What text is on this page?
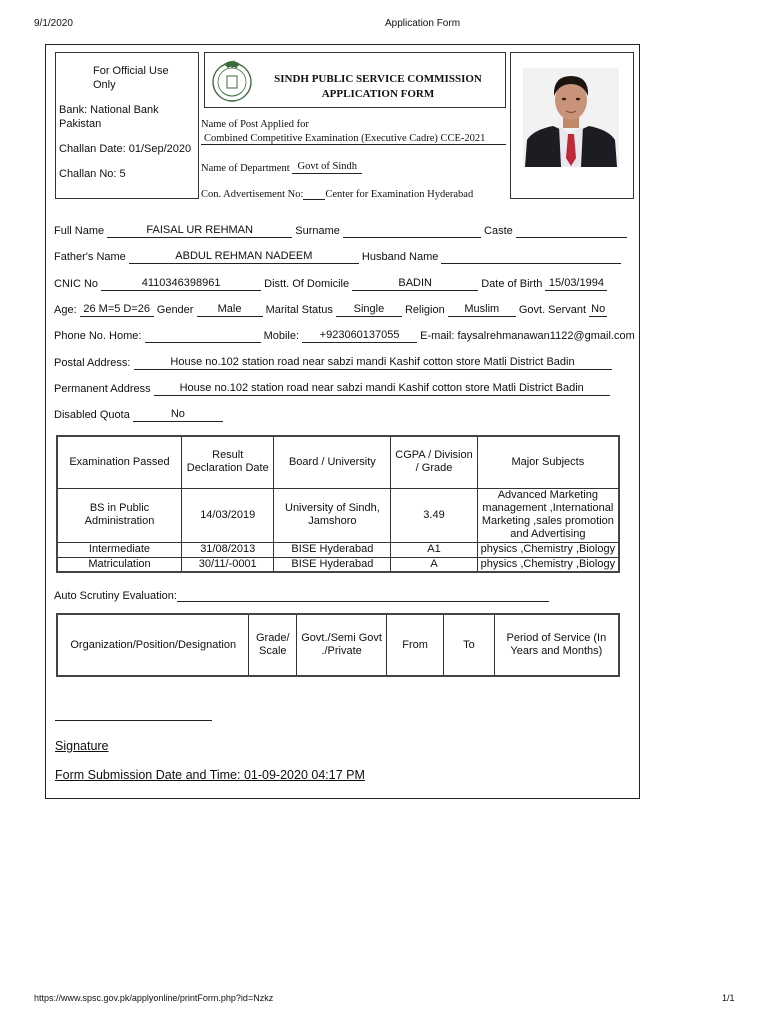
9/1/2020	Application Form
https://www.spsc.gov.pk/applyonline/printForm.php?id=Nzkz	1/1
For Official Use Only
Bank: National Bank Pakistan
Challan Date: 01/Sep/2020
Challan No: 5
SINDH PUBLIC SERVICE COMMISSION
APPLICATION FORM
Name of Post Applied for
Combined Competitive Examination (Executive Cadre) CCE-2021
Name of Department Govt of Sindh
Con. Advertisement No: Center for Examination Hyderabad
Full Name	FAISAL UR REHMAN	Surname	Caste
Father's Name	ABDUL REHMAN NADEEM	Husband Name
CNIC No	4110346398961	Distt. Of Domicile	BADIN	Date of Birth 15/03/1994
Age: 26 M=5 D=26 Gender Male Marital Status Single Religion Muslim Govt. Servant No
Phone No. Home:	Mobile: +923060137055 E-mail: faysalrehmanawan1122@gmail.com
Postal Address:	House no.102 station road near sabzi mandi Kashif cotton store Matli District Badin
Permanent Address	House no.102 station road near sabzi mandi Kashif cotton store Matli District Badin
Disabled Quota	No
Examination Passed	Result Declaration Date	Board / University	CGPA / Division / Grade	Major Subjects
BS in Public Administration	14/03/2019	University of Sindh, Jamshoro	3.49	Advanced Marketing management ,International Marketing ,sales promotion and Advertising
Intermediate	31/08/2013	BISE Hyderabad	A1	physics ,Chemistry ,Biology
Matriculation	30/11/-0001	BISE Hyderabad	A	physics ,Chemistry ,Biology
Auto Scrutiny Evaluation:
Organization/Position/Designation	Grade/ Scale	Govt./Semi Govt ./Private	From	To	Period of Service (In Years and Months)
Signature
Form Submission Date and Time: 01-09-2020 04:17 PM
